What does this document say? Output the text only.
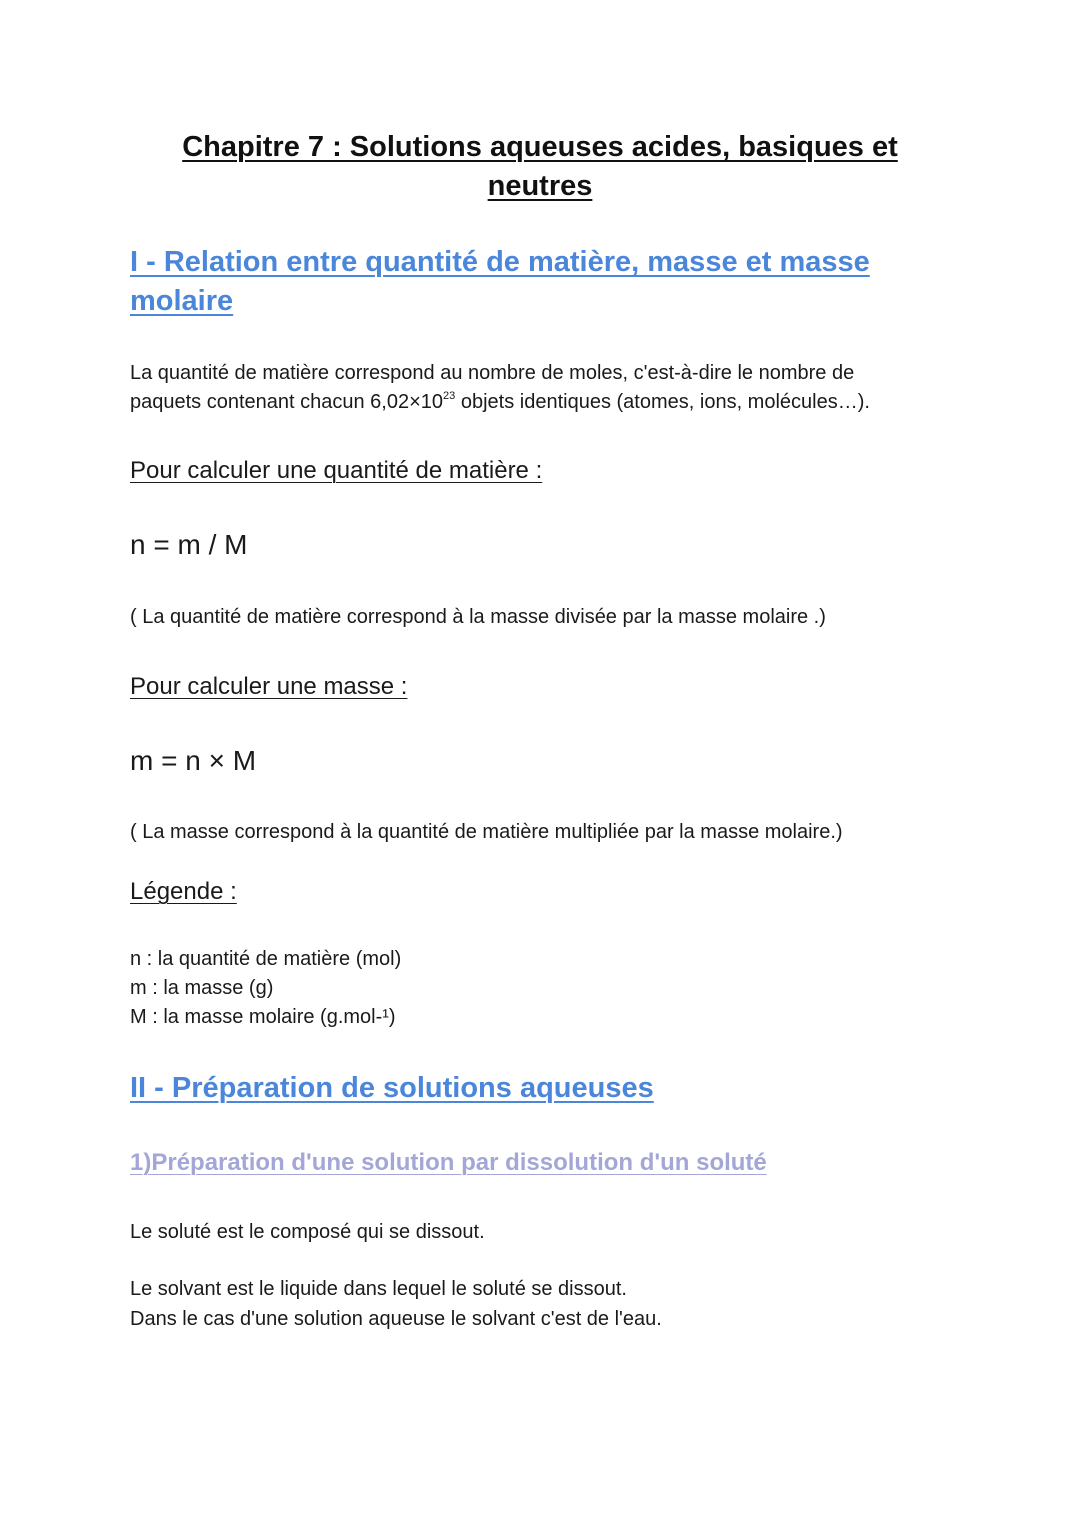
Chapitre 7 : Solutions aqueuses acides, basiques et
neutres
I - Relation entre quantité de matière, masse et masse
molaire

La quantité de matière correspond au nombre de moles, c'est-à-dire le nombre de

paquets contenant chacun $6,02\times 10^{23}$ objets identiques (atomes, ions, molécules…).

Pour calculer une quantité de matière :

n = m / M

( La quantité de matière correspond à la masse divisée par la masse molaire .)

Pour calculer une masse :

m = n × M

( La masse correspond à la quantité de matière multipliée par la masse molaire.)

Légende :

n : la quantité de matière (mol)

m : la masse (g)

M : la masse molaire (g.mol-¹)

II - Préparation de solutions aqueuses
1)Préparation d'une solution par dissolution d'un soluté

Le soluté est le composé qui se dissout.

Le solvant est le liquide dans lequel le soluté se dissout.

Dans le cas d'une solution aqueuse le solvant c'est de l'eau.
